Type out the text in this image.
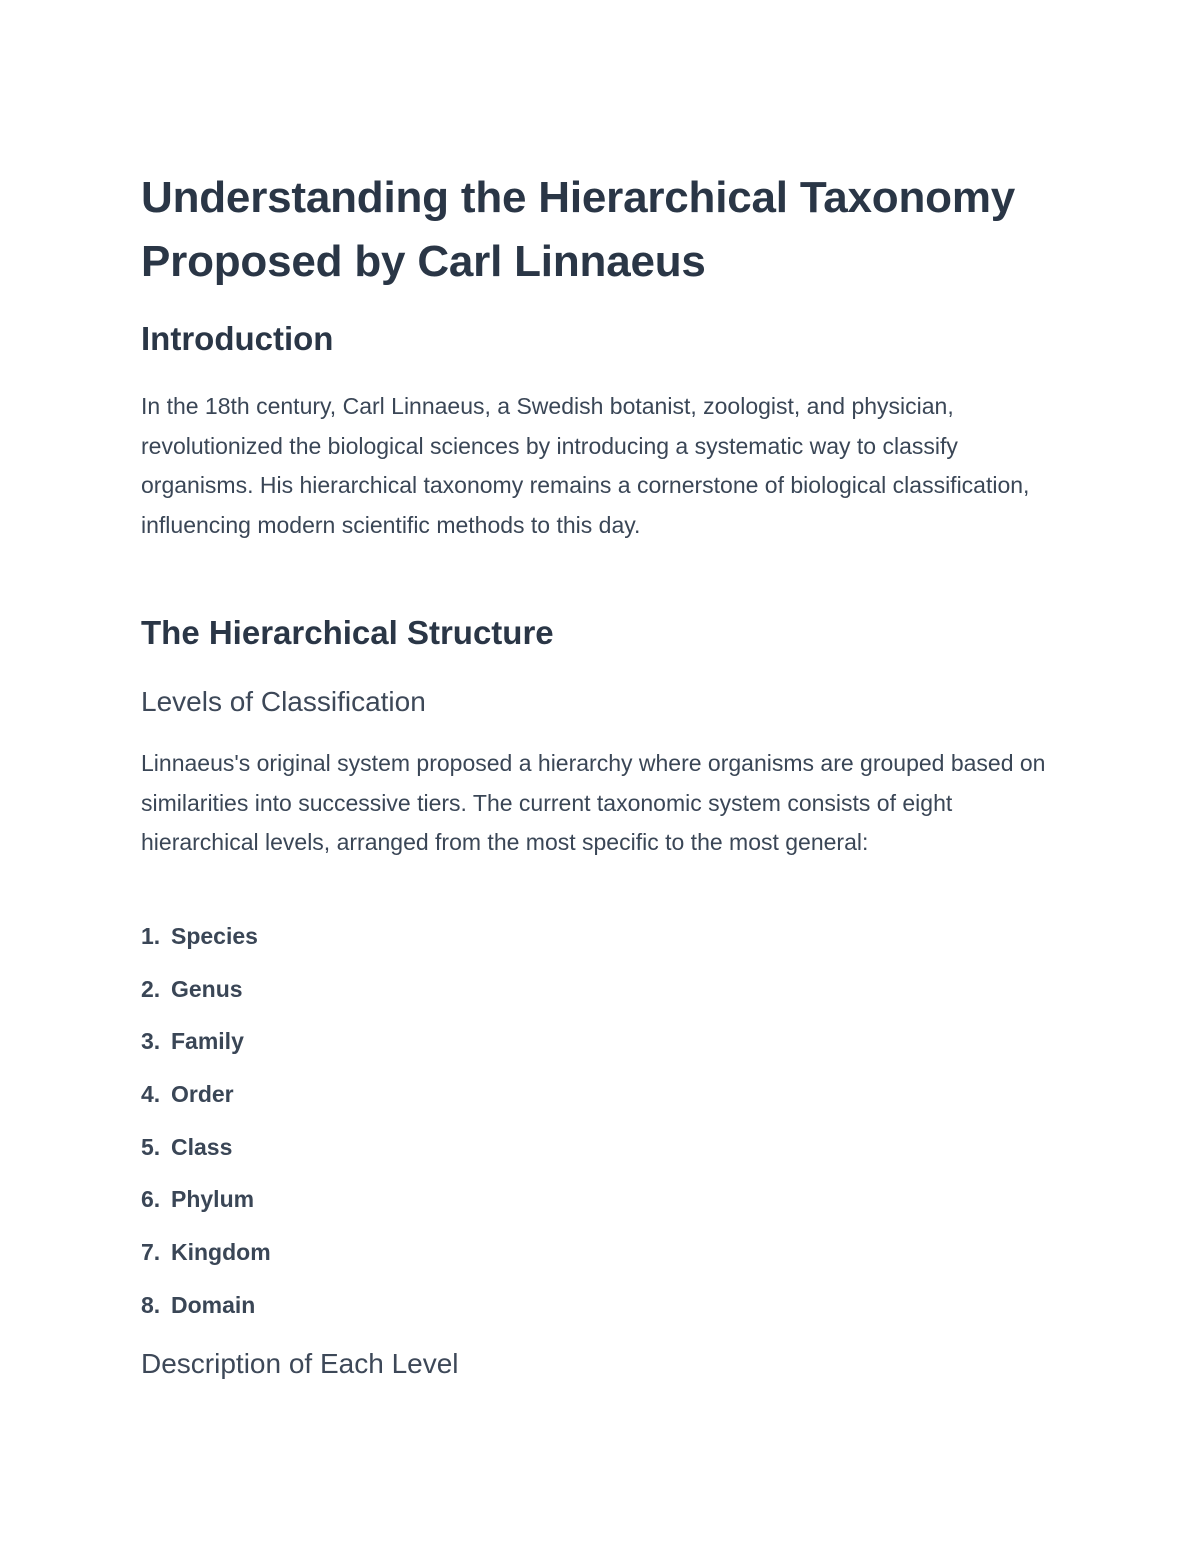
Understanding the Hierarchical Taxonomy Proposed by Carl Linnaeus
Introduction

In the 18th century, Carl Linnaeus, a Swedish botanist, zoologist, and physician, revolutionized the biological sciences by introducing a systematic way to classify organisms. His hierarchical taxonomy remains a cornerstone of biological classification, influencing modern scientific methods to this day.

The Hierarchical Structure
Levels of Classification

Linnaeus's original system proposed a hierarchy where organisms are grouped based on similarities into successive tiers. The current taxonomic system consists of eight hierarchical levels, arranged from the most specific to the most general:

1. Species
2. Genus
3. Family
4. Order
5. Class
6. Phylum
7. Kingdom
8. Domain
Description of Each Level
